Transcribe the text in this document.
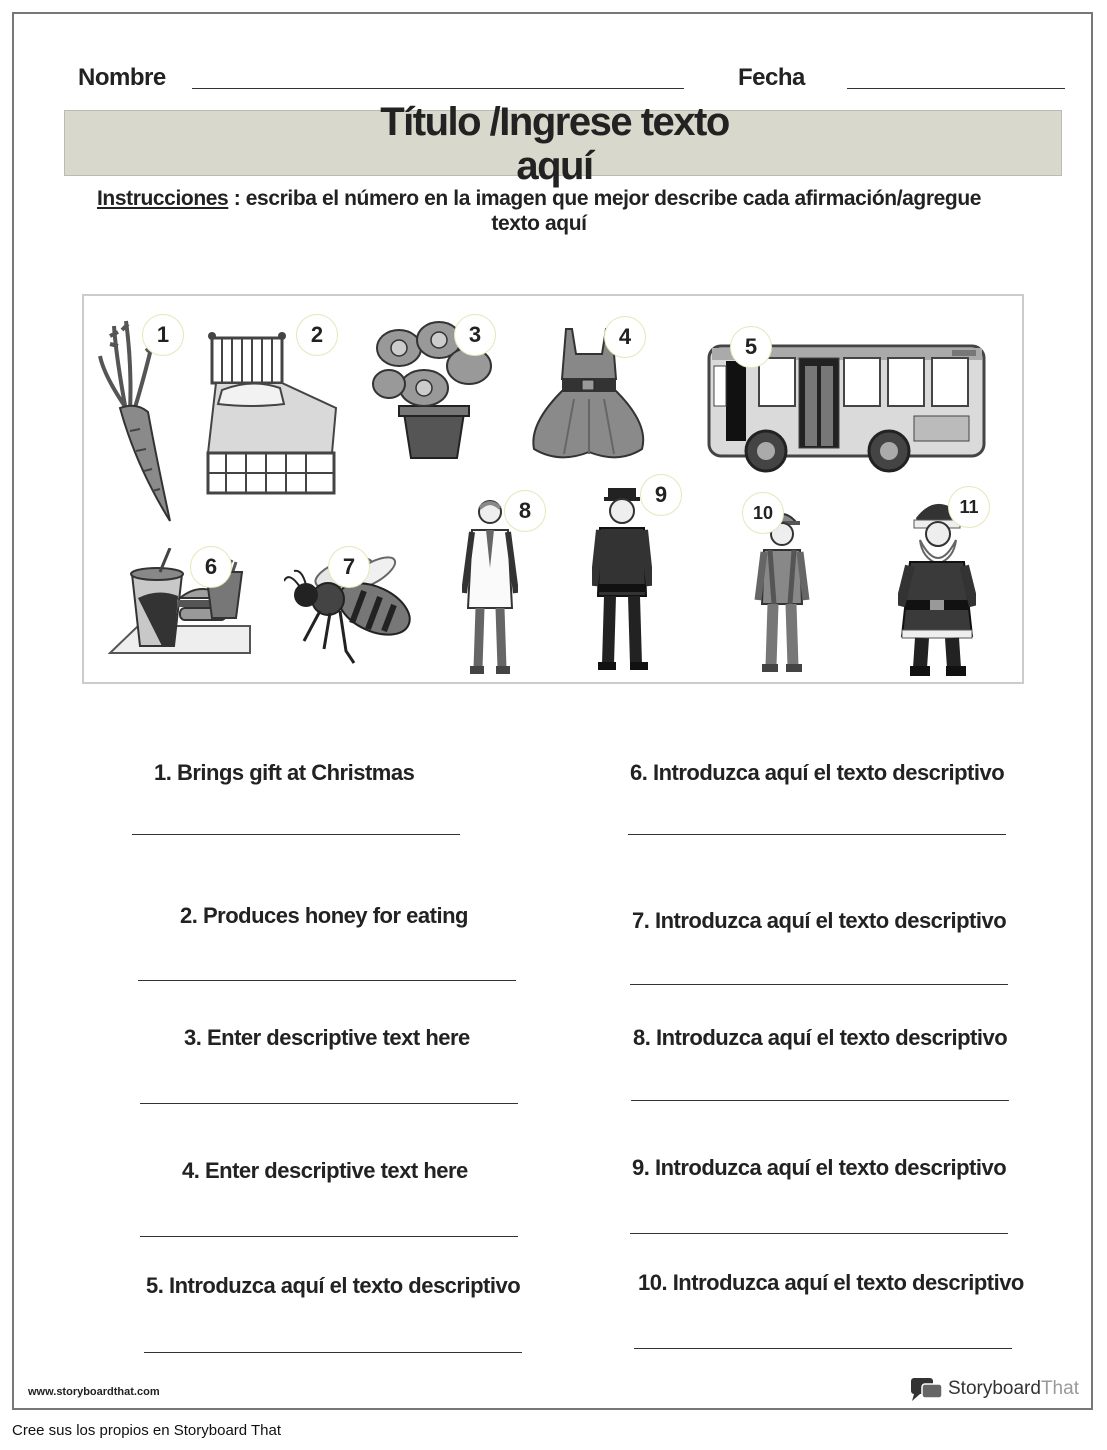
Nombre	Fecha
Título /Ingrese texto
aquí
Instrucciones : escriba el número en la imagen que mejor describe cada afirmación/agregue texto aquí
1	2	3	4	5
6	7
8
9
10	11
1. Brings gift at Christmas
2. Produces honey for eating
3. Enter descriptive text here
4. Enter descriptive text here
5. Introduzca aquí el texto descriptivo
6. Introduzca aquí el texto descriptivo
7. Introduzca aquí el texto descriptivo
8. Introduzca aquí el texto descriptivo
9. Introduzca aquí el texto descriptivo
10. Introduzca aquí el texto descriptivo
www.storyboardthat.com	StoryboardThat
Cree sus los propios en Storyboard That
